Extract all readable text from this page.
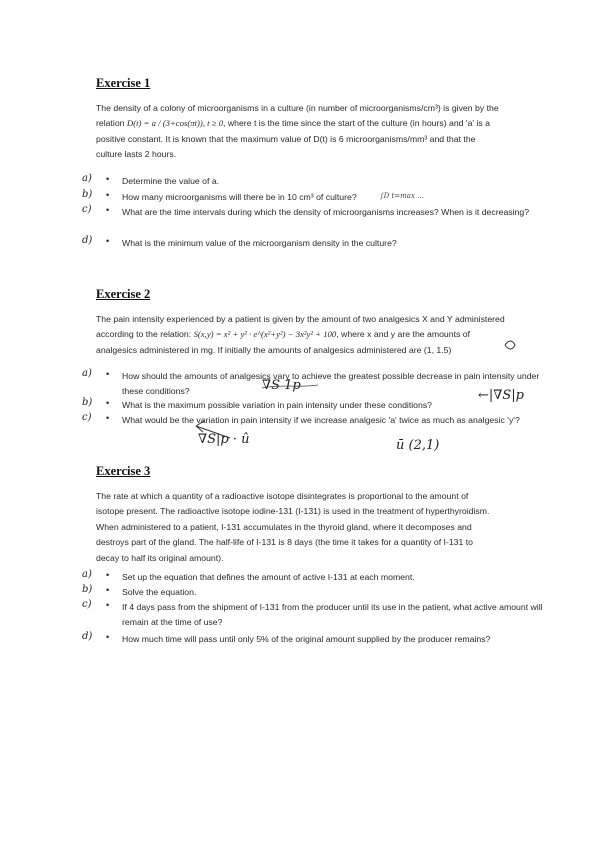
Exercise 1
The density of a colony of microorganisms in a culture (in number of microorganisms/cm³) is given by the
relation D(t) = a / (3+cos(πt)), t ≥ 0, where t is the time since the start of the culture (in hours) and 'a' is a
positive constant. It is known that the maximum value of D(t) is 6 microorganisms/mm³ and that the
culture lasts 2 hours.
a)	• Determine the value of a.
b)	• How many microorganisms will there be in 10 cm³ of culture?	∫D t=max ...
c)	• What are the time intervals during which the density of microorganisms increases? When is it decreasing?
d)	• What is the minimum value of the microorganism density in the culture?
Exercise 2
The pain intensity experienced by a patient is given by the amount of two analgesics X and Y administered
according to the relation: S(x,y) = x² + y² · e^(x²+y²) − 3x²y² + 100, where x and y are the amounts of
analgesics administered in mg. If initially the amounts of analgesics administered are (1, 1.5)
a)	• How should the amounts of analgesics vary to achieve the greatest possible decrease in pain intensity under these conditions?	∇S 1p
b)	• What is the maximum possible variation in pain intensity under these conditions?
←|∇S|p
c)	• What would be the variation in pain intensity if we increase analgesic 'a' twice as much as analgesic 'y'?
∇S|p · û	ū (2,1)
Exercise 3
The rate at which a quantity of a radioactive isotope disintegrates is proportional to the amount of
isotope present. The radioactive isotope iodine-131 (I-131) is used in the treatment of hyperthyroidism.
When administered to a patient, I-131 accumulates in the thyroid gland, where it decomposes and
destroys part of the gland. The half-life of I-131 is 8 days (the time it takes for a quantity of I-131 to
decay to half its original amount).
a)	• Set up the equation that defines the amount of active I-131 at each moment.
b)	• Solve the equation.
c)	• If 4 days pass from the shipment of I-131 from the producer until its use in the patient, what active amount will remain at the time of use?
d)	• How much time will pass until only 5% of the original amount supplied by the producer remains?
